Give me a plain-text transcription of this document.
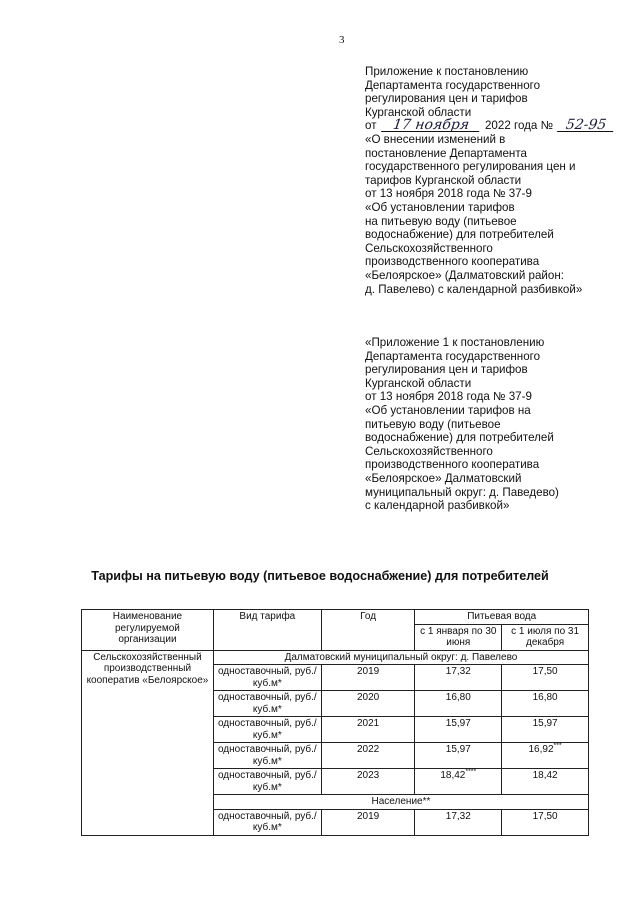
3
Приложение к постановлению
Департамента государственного
регулирования цен и тарифов
Курганской области
от 17 ноября 2022 года № 52-95
«О внесении изменений в
постановление Департамента
государственного регулирования цен и
тарифов Курганской области
от 13 ноября 2018 года № 37-9
«Об установлении тарифов
на питьевую воду (питьевое
водоснабжение) для потребителей
Сельскохозяйственного
производственного кооператива
«Белоярское» (Далматовский район:
д. Павелево) с календарной разбивкой»
«Приложение 1 к постановлению
Департамента государственного
регулирования цен и тарифов
Курганской области
от 13 ноября 2018 года № 37-9
«Об установлении тарифов на
питьевую воду (питьевое
водоснабжение) для потребителей
Сельскохозяйственного
производственного кооператива
«Белоярское» Далматовский
муниципальный округ: д. Паведево)
с календарной разбивкой»
Тарифы на питьевую воду (питьевое водоснабжение) для потребителей
Наименование регулируемой организации	Вид тарифа	Год	Питьевая вода	
			с 1 января по 30 июня	с 1 июля по 31 декабря
Сельскохозяйственный производственный кооператив «Белоярское»	Далматовский муниципальный округ: д. Павелево			
	одноставочный, руб./куб.м*	2019	17,32	17,50
	одноставочный, руб./куб.м*	2020	16,80	16,80
	одноставочный, руб./куб.м*	2021	15,97	15,97
	одноставочный, руб./куб.м*	2022	15,97	16,92***
	одноставочный, руб./куб.м*	2023	18,42****	18,42
	Население**			
	одноставочный, руб./куб.м*	2019	17,32	17,50
